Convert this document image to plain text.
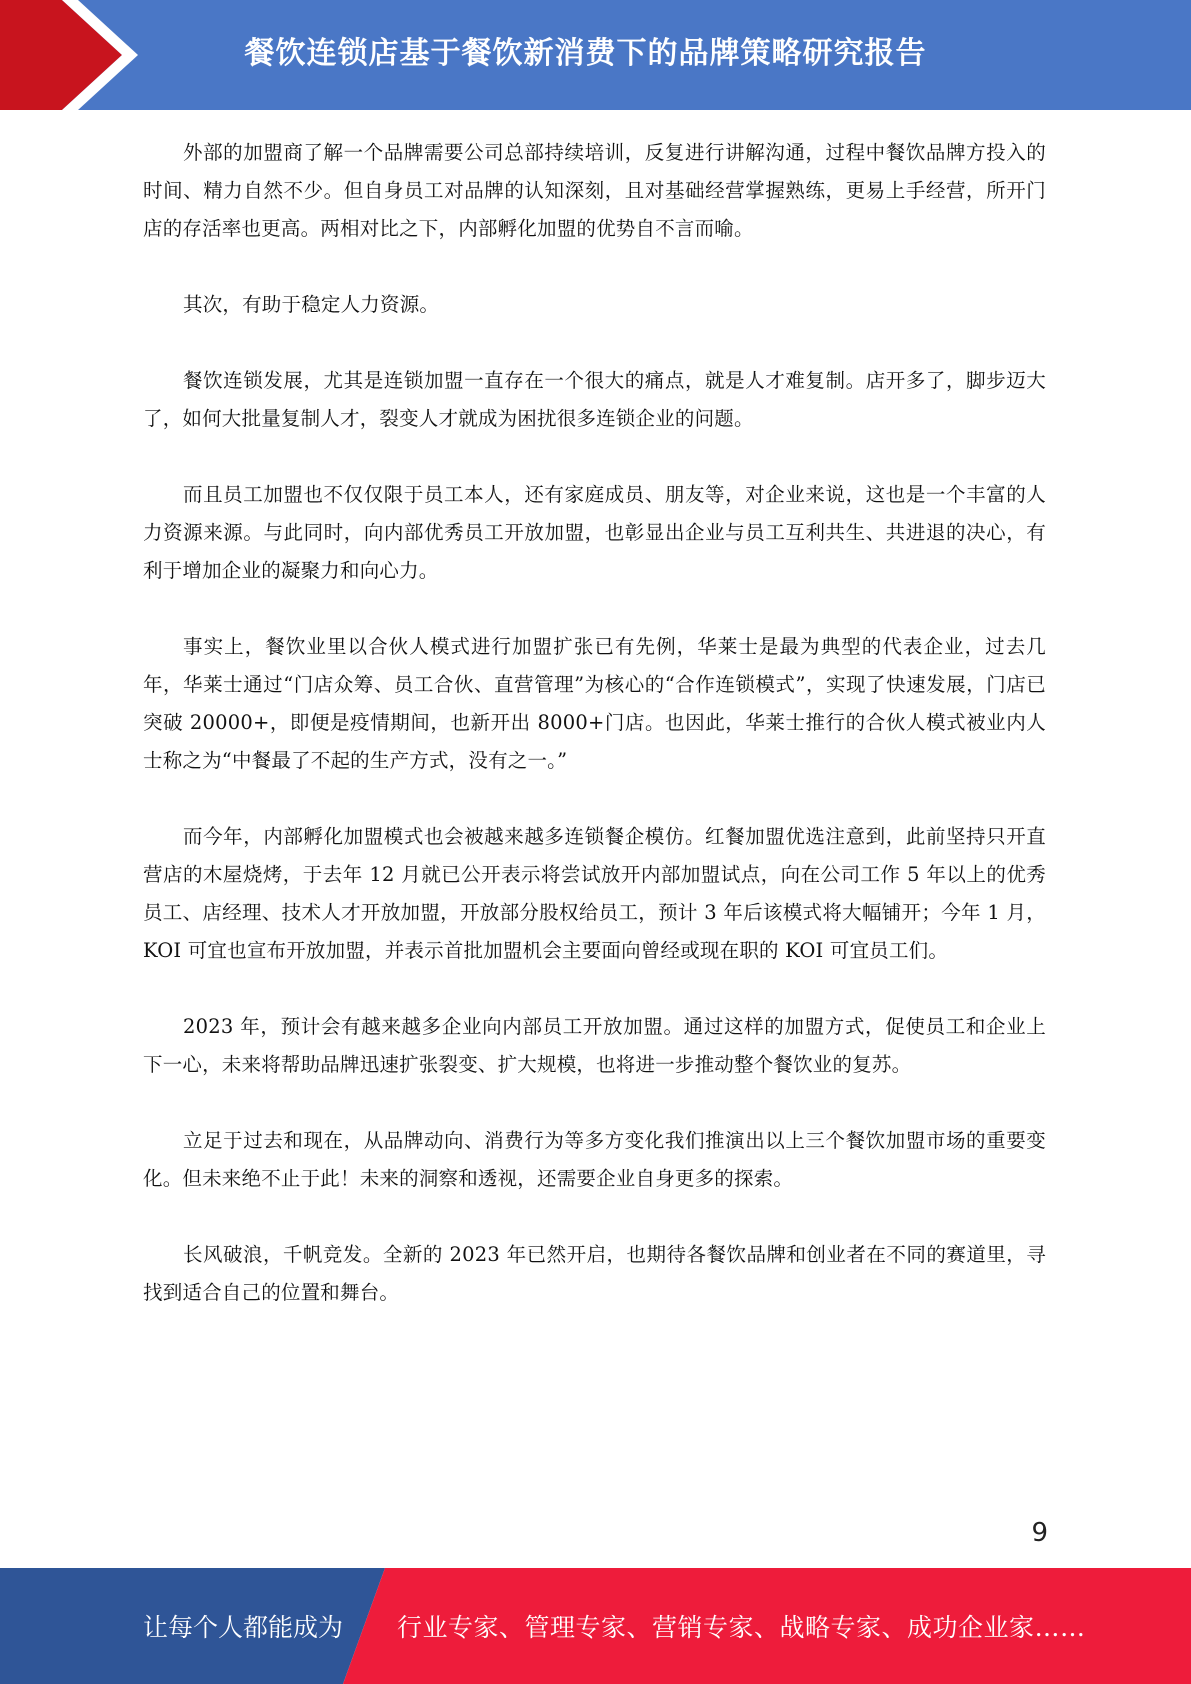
餐饮连锁店基于餐饮新消费下的品牌策略研究报告

外部的加盟商了解一个品牌需要公司总部持续培训，反复进行讲解沟通，过程中餐饮品牌方投入的时间、精力自然不少。但自身员工对品牌的认知深刻，且对基础经营掌握熟练，更易上手经营，所开门店的存活率也更高。两相对比之下，内部孵化加盟的优势自不言而喻。

其次，有助于稳定人力资源。

餐饮连锁发展，尤其是连锁加盟一直存在一个很大的痛点，就是人才难复制。店开多了，脚步迈大了，如何大批量复制人才，裂变人才就成为困扰很多连锁企业的问题。

而且员工加盟也不仅仅限于员工本人，还有家庭成员、朋友等，对企业来说，这也是一个丰富的人力资源来源。与此同时，向内部优秀员工开放加盟，也彰显出企业与员工互利共生、共进退的决心，有利于增加企业的凝聚力和向心力。

事实上，餐饮业里以合伙人模式进行加盟扩张已有先例，华莱士是最为典型的代表企业，过去几年，华莱士通过“门店众筹、员工合伙、直营管理”为核心的“合作连锁模式”，实现了快速发展，门店已突破 20000+，即便是疫情期间，也新开出 8000+门店。也因此，华莱士推行的合伙人模式被业内人士称之为“中餐最了不起的生产方式，没有之一。”

而今年，内部孵化加盟模式也会被越来越多连锁餐企模仿。红餐加盟优选注意到，此前坚持只开直营店的木屋烧烤，于去年 12 月就已公开表示将尝试放开内部加盟试点，向在公司工作 5 年以上的优秀员工、店经理、技术人才开放加盟，开放部分股权给员工，预计 3 年后该模式将大幅铺开；今年 1 月，KOI 可宜也宣布开放加盟，并表示首批加盟机会主要面向曾经或现在职的 KOI 可宜员工们。

2023 年，预计会有越来越多企业向内部员工开放加盟。通过这样的加盟方式，促使员工和企业上下一心，未来将帮助品牌迅速扩张裂变、扩大规模，也将进一步推动整个餐饮业的复苏。

立足于过去和现在，从品牌动向、消费行为等多方变化我们推演出以上三个餐饮加盟市场的重要变化。但未来绝不止于此！未来的洞察和透视，还需要企业自身更多的探索。

长风破浪，千帆竞发。全新的 2023 年已然开启，也期待各餐饮品牌和创业者在不同的赛道里，寻找到适合自己的位置和舞台。

9
让每个人都能成为 行业专家、管理专家、营销专家、战略专家、成功企业家……
